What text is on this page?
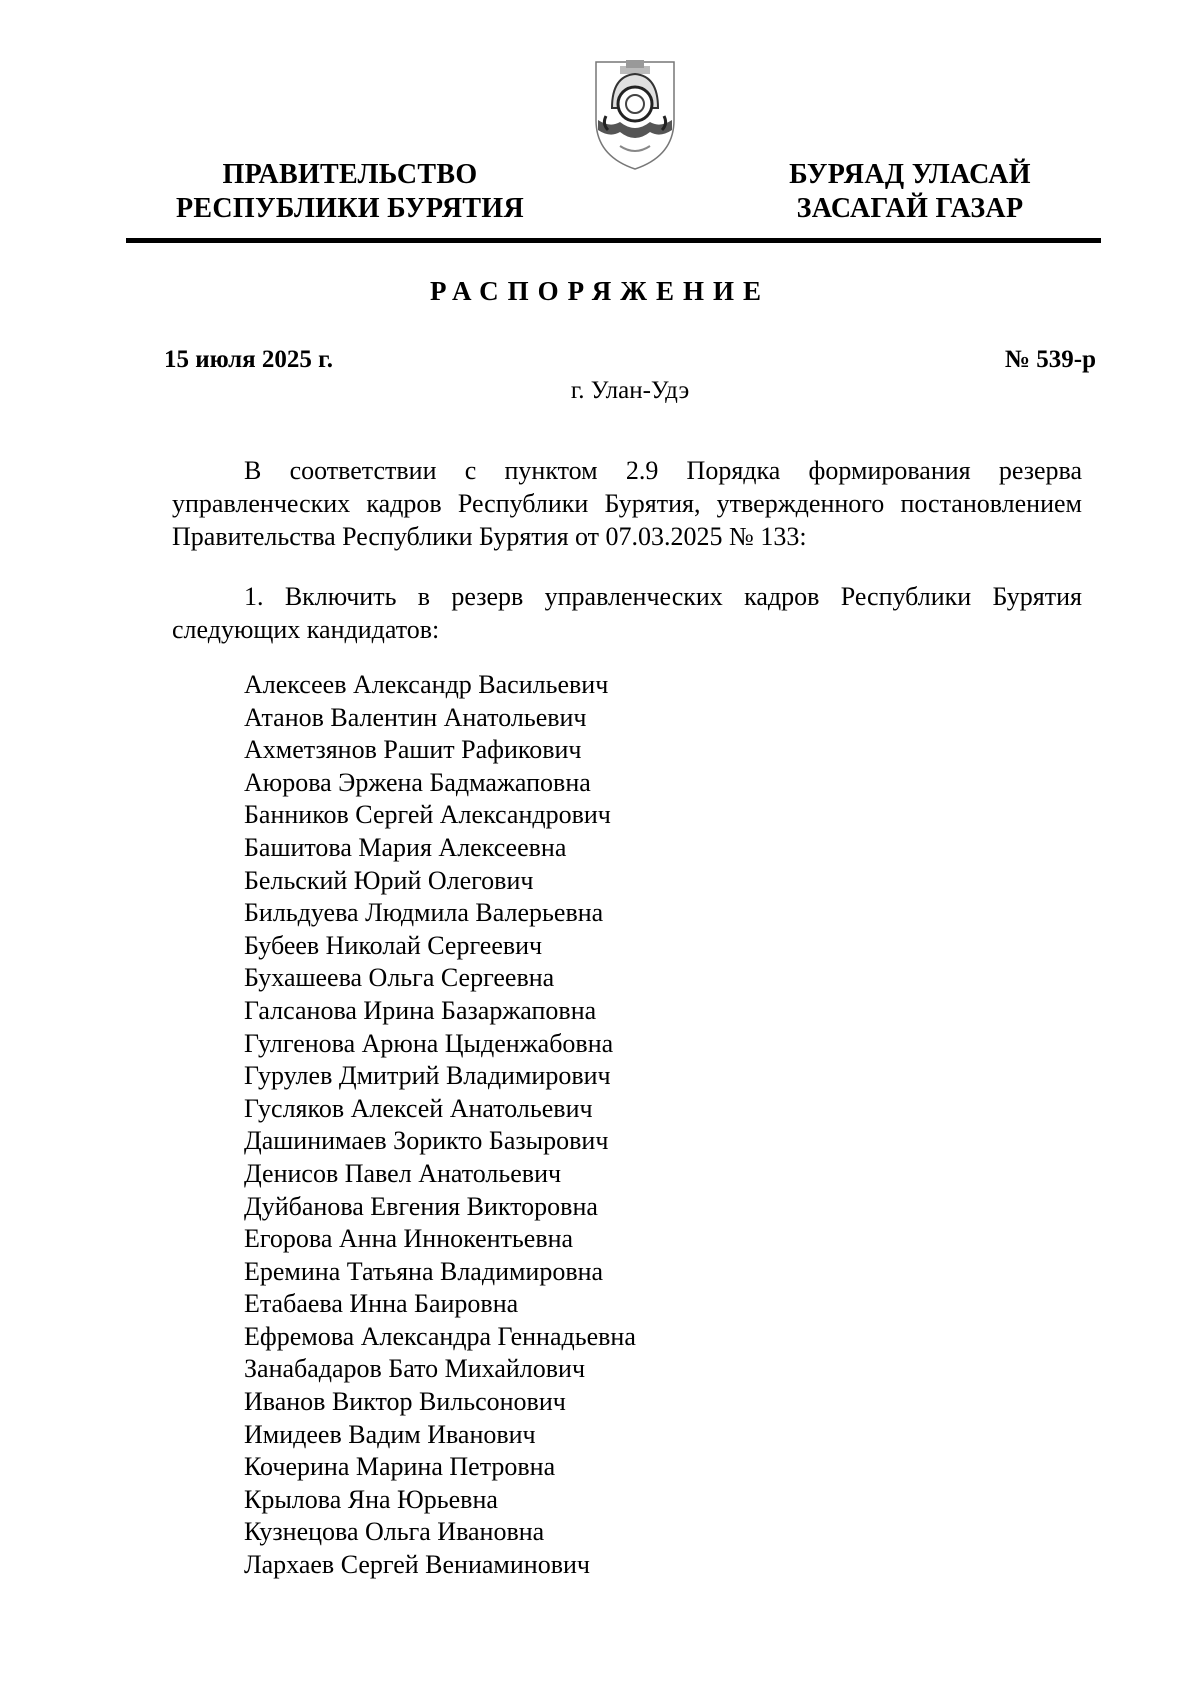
ПРАВИТЕЛЬСТВО
РЕСПУБЛИКИ БУРЯТИЯ
БУРЯАД УЛАСАЙ
ЗАСАГАЙ ГАЗАР
РАСПОРЯЖЕНИЕ
15 июля 2025 г.	№ 539-р
г. Улан-Удэ

В соответствии с пунктом 2.9 Порядка формирования резерва управленческих кадров Республики Бурятия, утвержденного постановлением Правительства Республики Бурятия от 07.03.2025 № 133:

1. Включить в резерв управленческих кадров Республики Бурятия следующих кандидатов:

Алексеев Александр Васильевич
Атанов Валентин Анатольевич
Ахметзянов Рашит Рафикович
Аюрова Эржена Бадмажаповна
Банников Сергей Александрович
Башитова Мария Алексеевна
Бельский Юрий Олегович
Бильдуева Людмила Валерьевна
Бубеев Николай Сергеевич
Бухашеева Ольга Сергеевна
Галсанова Ирина Базаржаповна
Гулгенова Арюна Цыденжабовна
Гурулев Дмитрий Владимирович
Гусляков Алексей Анатольевич
Дашинимаев Зорикто Базырович
Денисов Павел Анатольевич
Дуйбанова Евгения Викторовна
Егорова Анна Иннокентьевна
Еремина Татьяна Владимировна
Етабаева Инна Баировна
Ефремова Александра Геннадьевна
Занабадаров Бато Михайлович
Иванов Виктор Вильсонович
Имидеев Вадим Иванович
Кочерина Марина Петровна
Крылова Яна Юрьевна
Кузнецова Ольга Ивановна
Лархаев Сергей Вениаминович
